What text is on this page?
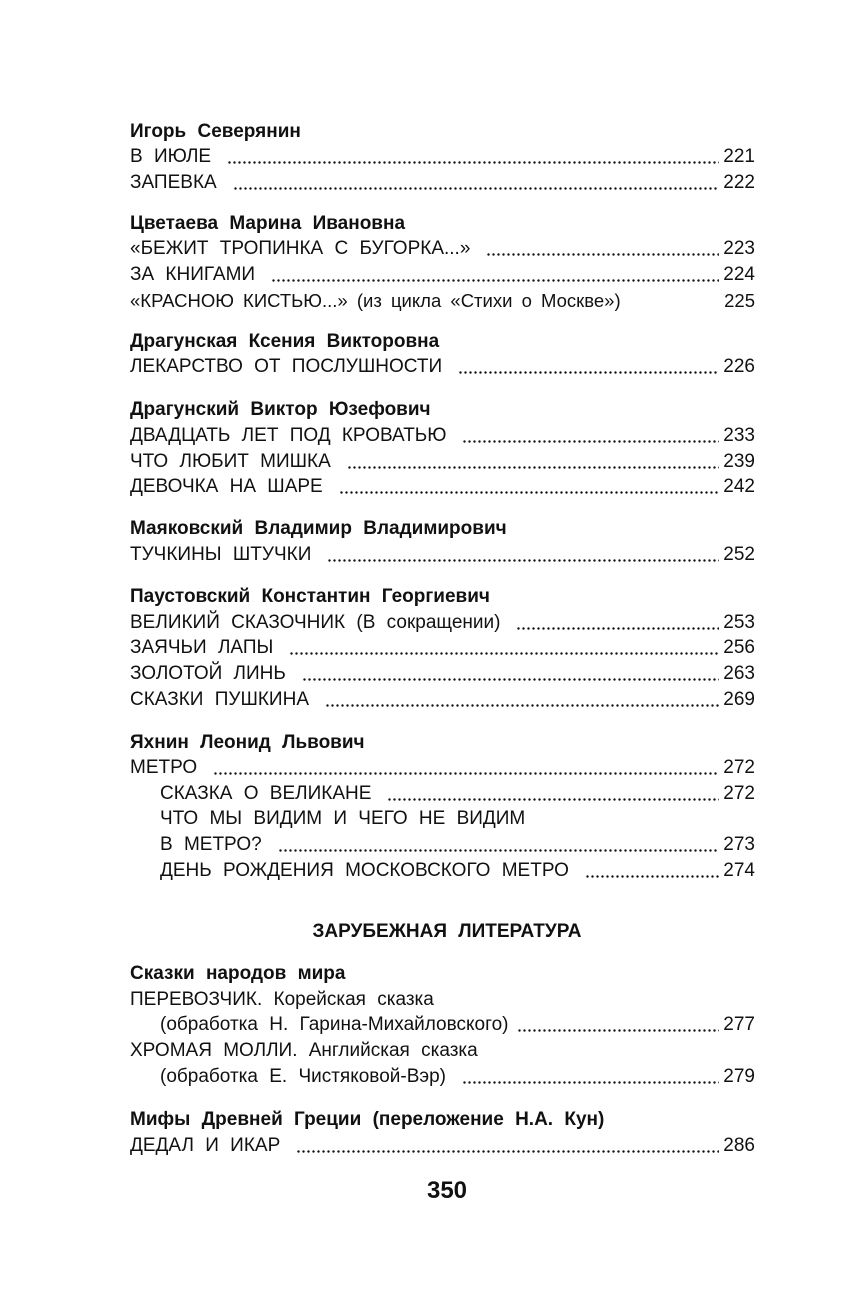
Игорь Северянин
В ИЮЛЕ	221
ЗАПЕВКА	222
Цветаева Марина Ивановна
«БЕЖИТ ТРОПИНКА С БУГОРКА...»	223
ЗА КНИГАМИ	224
«КРАСНОЮ КИСТЬЮ...» (из цикла «Стихи о Москве»)	225
Драгунская Ксения Викторовна
ЛЕКАРСТВО ОТ ПОСЛУШНОСТИ	226
Драгунский Виктор Юзефович
ДВАДЦАТЬ ЛЕТ ПОД КРОВАТЬЮ	233
ЧТО ЛЮБИТ МИШКА	239
ДЕВОЧКА НА ШАРЕ	242
Маяковский Владимир Владимирович
ТУЧКИНЫ ШТУЧКИ	252
Паустовский Константин Георгиевич
ВЕЛИКИЙ СКАЗОЧНИК (В сокращении)	253
ЗАЯЧЬИ ЛАПЫ	256
ЗОЛОТОЙ ЛИНЬ	263
СКАЗКИ ПУШКИНА	269
Яхнин Леонид Львович
МЕТРО	272
СКАЗКА О ВЕЛИКАНЕ	272
ЧТО МЫ ВИДИМ И ЧЕГО НЕ ВИДИМ
В МЕТРО?	273
ДЕНЬ РОЖДЕНИЯ МОСКОВСКОГО МЕТРО	274
ЗАРУБЕЖНАЯ ЛИТЕРАТУРА
Сказки народов мира
ПЕРЕВОЗЧИК. Корейская сказка
(обработка Н. Гарина-Михайловского)	277
ХРОМАЯ МОЛЛИ. Английская сказка
(обработка Е. Чистяковой-Вэр)	279
Мифы Древней Греции (переложение Н.А. Кун)
ДЕДАЛ И ИКАР	286
350
